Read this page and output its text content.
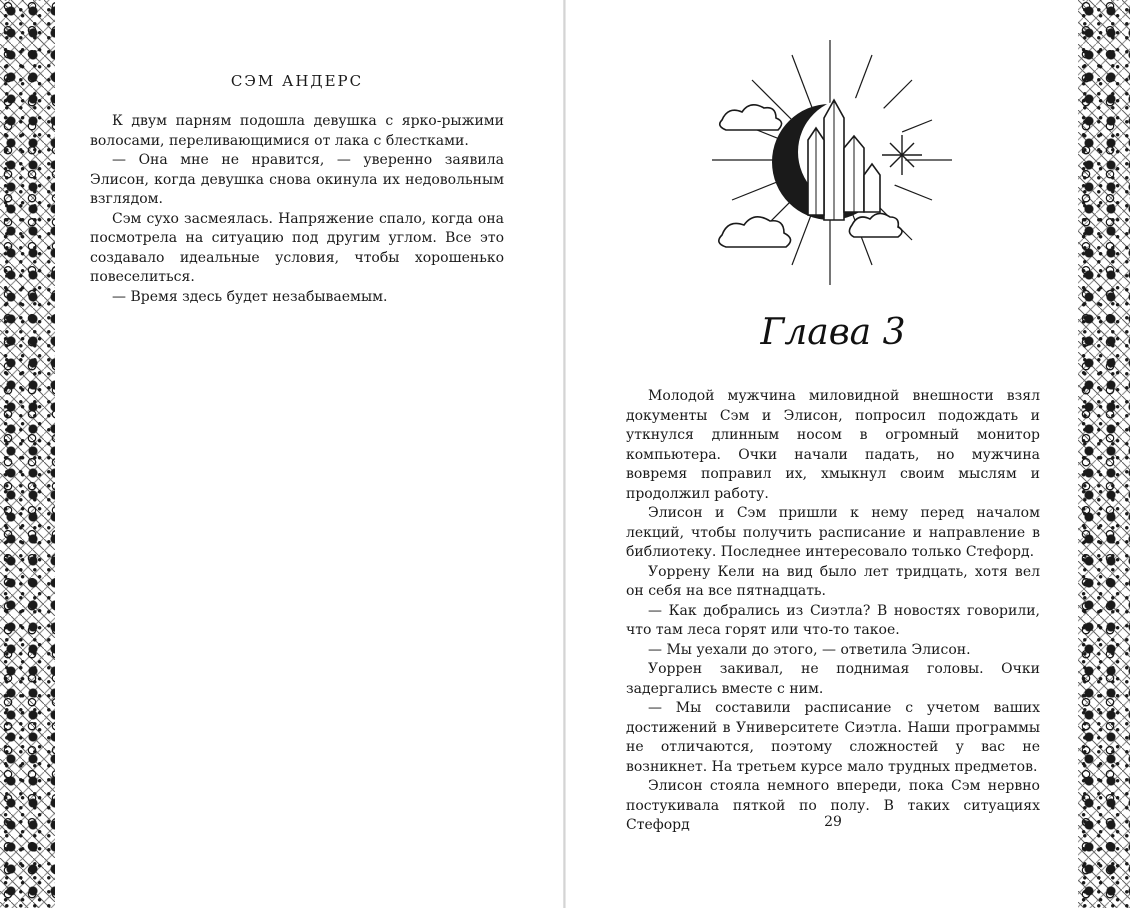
СЭМ АНДЕРС

К двум парням подошла девушка с ярко-рыжими волосами, переливающимися от лака с блестками.

— Она мне не нравится, — уверенно заявила Элисон, когда девушка снова окинула их недовольным взглядом.

Сэм сухо засмеялась. Напряжение спало, когда она посмотрела на ситуацию под другим углом. Все это создавало идеальные условия, чтобы хорошенько повеселиться.

— Время здесь будет незабываемым.

Глава 3

Молодой мужчина миловидной внешности взял документы Сэм и Элисон, попросил подождать и уткнулся длинным носом в огромный монитор компьютера. Очки начали падать, но мужчина вовремя поправил их, хмыкнул своим мыслям и продолжил работу.

Элисон и Сэм пришли к нему перед началом лекций, чтобы получить расписание и направление в библиотеку. Последнее интересовало только Стефорд.

Уоррену Кели на вид было лет тридцать, хотя вел он себя на все пятнадцать.

— Как добрались из Сиэтла? В новостях говорили, что там леса горят или что-то такое.

— Мы уехали до этого, — ответила Элисон.

Уоррен закивал, не поднимая головы. Очки задергались вместе с ним.

— Мы составили расписание с учетом ваших достижений в Университете Сиэтла. Наши программы не отличаются, поэтому сложностей у вас не возникнет. На третьем курсе мало трудных предметов.

Элисон стояла немного впереди, пока Сэм нервно постукивала пяткой по полу. В таких ситуациях Стефорд	29
